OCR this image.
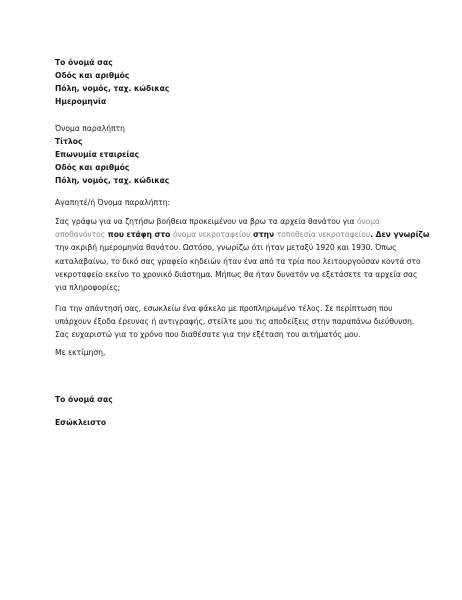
Το όνομά σας
Οδός και αριθμός
Πόλη, νομός, ταχ. κώδικας
Ημερομηνία
Όνομα παραλήπτη
Τίτλος
Επωνυμία εταιρείας
Οδός και αριθμός
Πόλη, νομός, ταχ. κώδικας
Αγαπητέ/ή Όνομα παραλήπτη:
Σας γράφω για να ζητήσω βοήθεια προκειμένου να βρω τα αρχεία θανάτου για όνομα
αποθανόντος που ετάφη στο όνομα νεκροταφείου στην τοποθεσία νεκροταφείου. Δεν γνωρίζω
την ακριβή ημερομηνία θανάτου. Ωστόσο, γνωρίζω ότι ήταν μεταξύ 1920 και 1930. Όπως
καταλαβαίνω, το δικό σας γραφείο κηδειών ήταν ένα από τα τρία που λειτουργούσαν κοντά στο
νεκροταφείο εκείνο το χρονικό διάστημα. Μήπως θα ήταν δυνατόν να εξετάσετε τα αρχεία σας
για πληροφορίες;
Για την απάντησή σας, εσωκλείω ένα φάκελο με προπληρωμένο τέλος. Σε περίπτωση που
υπάρχουν έξοδα έρευνας ή αντιγραφής, στείλτε μου τις αποδείξεις στην παραπάνω διεύθυνση.
Σας ευχαριστώ για το χρόνο που διαθέσατε για την εξέταση του αιτήματός μου.
Με εκτίμηση,
Το όνομά σας
Εσώκλειστο
